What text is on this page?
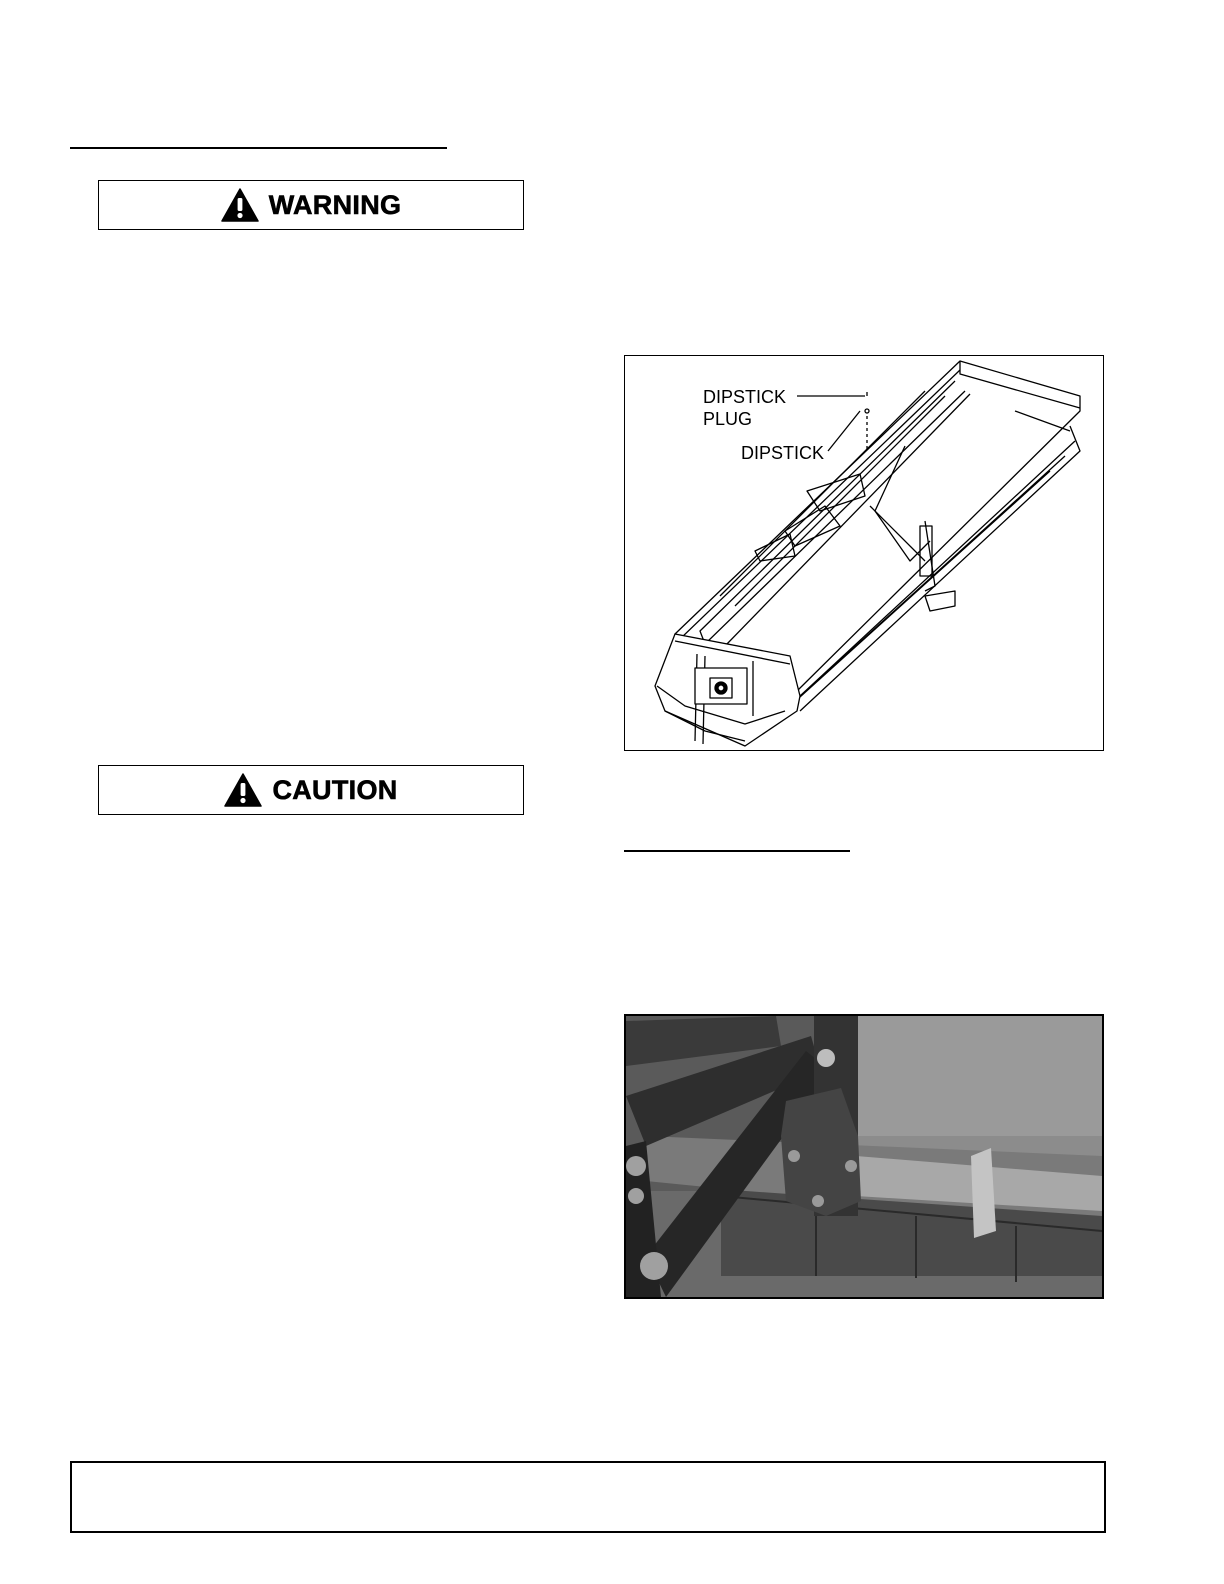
WARNING
CAUTION
DIPSTICK
PLUG
DIPSTICK
